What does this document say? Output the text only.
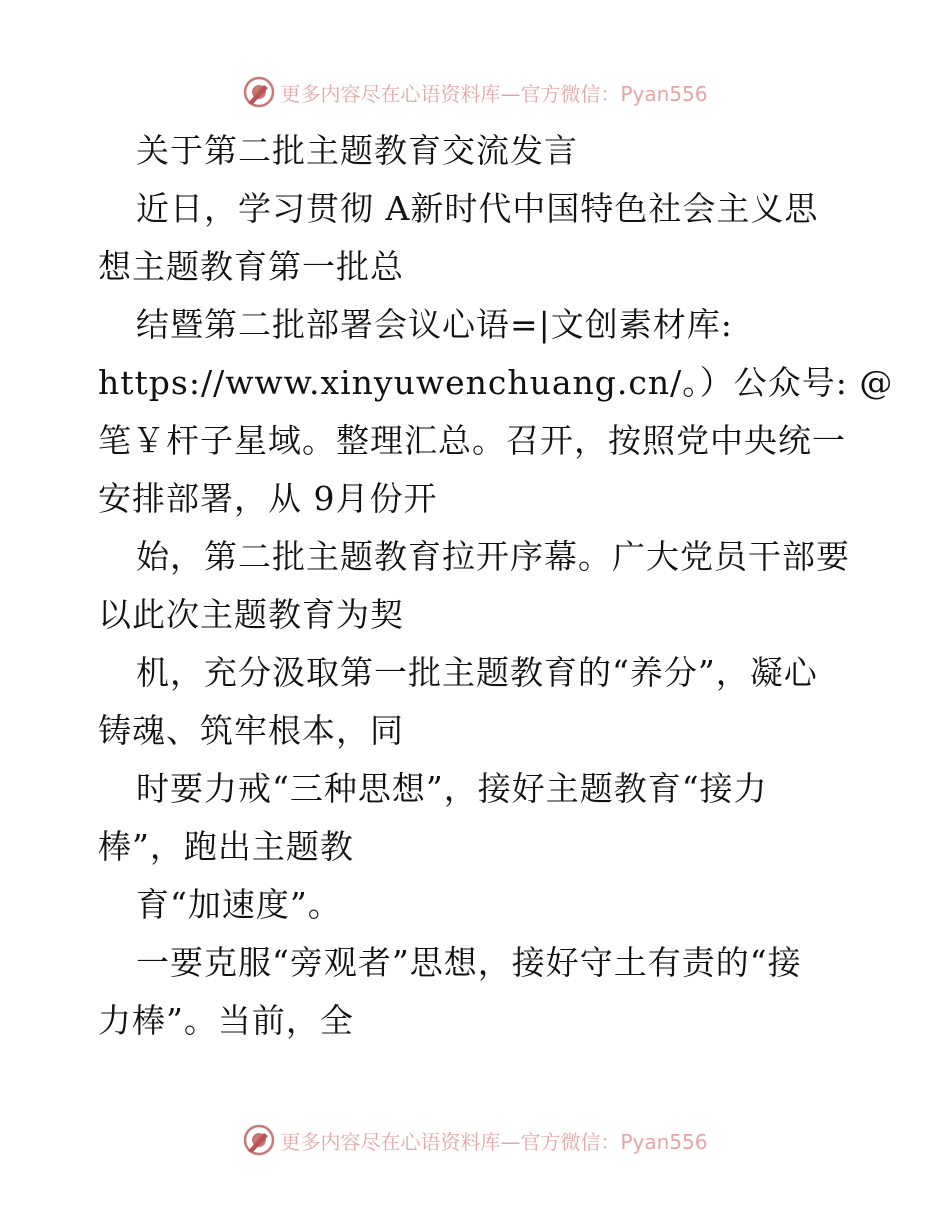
更多内容尽在心语资料库—官方微信：Pyan556
关于第二批主题教育交流发言
近日，学习贯彻 A新时代中国特色社会主义思
想主题教育第一批总
结暨第二批部署会议心语=|文创素材库:
https://www.xinyuwenchuang.cn/。）公众号: @
笔￥杆子星域。整理汇总。召开，按照党中央统一
安排部署，从 9月份开
始，第二批主题教育拉开序幕。广大党员干部要
以此次主题教育为契
机，充分汲取第一批主题教育的“养分”，凝心
铸魂、筑牢根本，同
时要力戒“三种思想”，接好主题教育“接力
棒”，跑出主题教
育“加速度”。
一要克服“旁观者”思想，接好守土有责的“接
力棒”。当前，全
更多内容尽在心语资料库—官方微信：Pyan556
